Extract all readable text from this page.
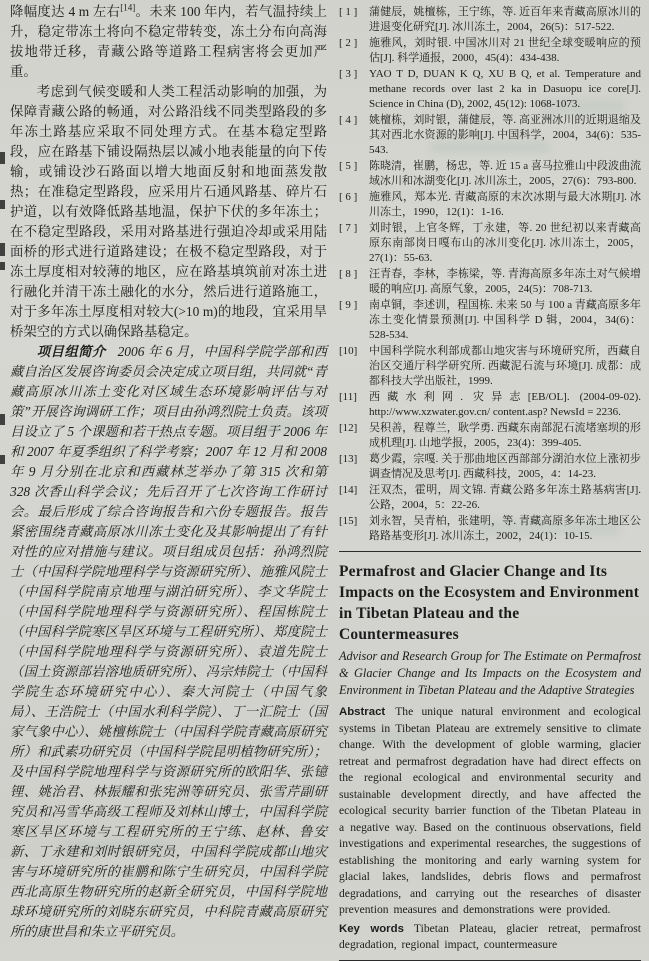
降幅度达 4 m 左右[14]。未来 100 年内，若气温持续上升，稳定带冻土将向不稳定带转变，冻土分布向高海拔地带迁移，青藏公路等道路工程病害将会更加严重。

考虑到气候变暖和人类工程活动影响的加强，为保障青藏公路的畅通，对公路沿线不同类型路段的多年冻土路基应采取不同处理方式。在基本稳定型路段，应在路基下铺设隔热层以减小地表能量的向下传输，或铺设沙石路面以增大地面反射和地面蒸发散热；在准稳定型路段，应采用片石通风路基、碎片石护道，以有效降低路基地温，保护下伏的多年冻土；在不稳定型路段，采用对路基进行强迫冷却或采用陆面桥的形式进行道路建设；在极不稳定型路段，对于冻土厚度相对较薄的地区，应在路基填筑前对冻土进行融化并清干冻土融化的水分，然后进行道路施工，对于多年冻土厚度相对较大(>10 m)的地段，宜采用旱桥架空的方式以确保路基稳定。

项目组简介 2006 年 6 月，中国科学院学部和西藏自治区发展咨询委员会决定成立项目组，共同就“青藏高原冰川冻土变化对区域生态环境影响评估与对策”开展咨询调研工作；项目由孙鸿烈院士负责。该项目设立了 5 个课题和若干热点专题。项目组于 2006 年和 2007 年夏季组织了科学考察；2007 年 12 月和 2008 年 9 月分别在北京和西藏林芝举办了第 315 次和第 328 次香山科学会议；先后召开了七次咨询工作研讨会。最后形成了综合咨询报告和六份专题报告。报告紧密围绕青藏高原冰川冻土变化及其影响提出了有针对性的应对措施与建议。项目组成员包括：孙鸿烈院士（中国科学院地理科学与资源研究所）、施雅风院士（中国科学院南京地理与湖泊研究所）、李文华院士（中国科学院地理科学与资源研究所）、程国栋院士（中国科学院寒区旱区环境与工程研究所）、郑度院士（中国科学院地理科学与资源研究所）、袁道先院士（国土资源部岩溶地质研究所）、冯宗炜院士（中国科学院生态环境研究中心）、秦大河院士（中国气象局）、王浩院士（中国水利科学院）、丁一汇院士（国家气象中心）、姚檀栋院士（中国科学院青藏高原研究所）和武素功研究员（中国科学院昆明植物研究所）；及中国科学院地理科学与资源研究所的欧阳华、张镱锂、姚治君、林振耀和张宪洲等研究员、张雪芹副研究员和冯雪华高级工程师及刘林山博士，中国科学院寒区旱区环境与工程研究所的王宁练、赵林、鲁安新、丁永建和刘时银研究员，中国科学院成都山地灾害与环境研究所的崔鹏和陈宁生研究员，中国科学院西北高原生物研究所的赵新全研究员，中国科学院地球环境研究所的刘晓东研究员，中科院青藏高原研究所的康世昌和朱立平研究员。

[ 1 ] 蒲健辰，姚檀栋，王宁练，等. 近百年来青藏高原冰川的进退变化研究[J]. 冰川冻土，2004，26(5)：517-522.

[ 2 ] 施雅风，刘时银. 中国冰川对 21 世纪全球变暖响应的预估[J]. 科学通报，2000，45(4)：434-438.

[ 3 ] YAO T D, DUAN K Q, XU B Q, et al. Temperature and methane records over last 2 ka in Dasuopu ice core[J]. Science in China (D), 2002, 45(12): 1068-1073.

[ 4 ] 姚檀栋，刘时银，蒲健辰，等. 高亚洲冰川的近期退缩及其对西北水资源的影响[J]. 中国科学，2004，34(6)：535-543.

[ 5 ] 陈晓清，崔鹏，杨忠，等. 近 15 a 喜马拉雅山中段波曲流域冰川和冰湖变化[J]. 冰川冻土，2005，27(6)：793-800.

[ 6 ] 施雅风，郑本光. 青藏高原的末次冰期与最大冰期[J]. 冰川冻土，1990，12(1)：1-16.

[ 7 ] 刘时银，上官冬辉，丁永建，等. 20 世纪初以来青藏高原东南部岗日嘎布山的冰川变化[J]. 冰川冻土，2005，27(1)：55-63.

[ 8 ] 汪青春，李林，李栋梁，等. 青海高原多年冻土对气候增暖的响应[J]. 高原气象，2005，24(5)：708-713.

[ 9 ] 南卓铜，李述训，程国栋. 未来 50 与 100 a 青藏高原多年冻土变化情景预测[J]. 中国科学 D 辑，2004，34(6)：528-534.

[10] 中国科学院水利部成都山地灾害与环境研究所，西藏自治区交通厅科学研究所. 西藏泥石流与环境[J]. 成都：成都科技大学出版社，1999.

[11] 西藏水利网. 灾异志[EB/OL]. (2004-09-02). http://www.xzwater.gov.cn/ content.asp? NewsId = 2236.

[12] 吴积善，程尊兰，耿学勇. 西藏东南部泥石流堵塞坝的形成机理[J]. 山地学报，2005，23(4)：399-405.

[13] 葛少霞，宗嘎. 关于那曲地区西部部分湖泊水位上涨初步调查情况及思考[J]. 西藏科技，2005，4：14-23.

[14] 汪双杰，霍明，周文锦. 青藏公路多年冻土路基病害[J]. 公路，2004，5：22-26.

[15] 刘永智，吴青柏，张建明，等. 青藏高原多年冻土地区公路路基变形[J]. 冰川冻土，2002，24(1)：10-15.

Permafrost and Glacier Change and Its Impacts on the Ecosystem and Environment in Tibetan Plateau and the Countermeasures
Advisor and Research Group for The Estimate on Permafrost & Glacier Change and Its Impacts on the Ecosystem and Environment in Tibetan Plateau and the Adaptive Strategies
Abstract The unique natural environment and ecological systems in Tibetan Plateau are extremely sensitive to climate change. With the development of globle warming, glacier retreat and permafrost degradation have had direct effects on the regional ecological and environmental security and sustainable development directly, and have affected the ecological security barrier function of the Tibetan Plateau in a negative way. Based on the continuous observations, field investigations and experimental researches, the suggestions of establishing the monitoring and early warning system for glacial lakes, landslides, debris flows and permafrost degradations, and carrying out the researches of disaster prevention measures and demonstrations were provided.
Key words Tibetan Plateau, glacier retreat, permafrost degradation, regional impact, countermeasure
